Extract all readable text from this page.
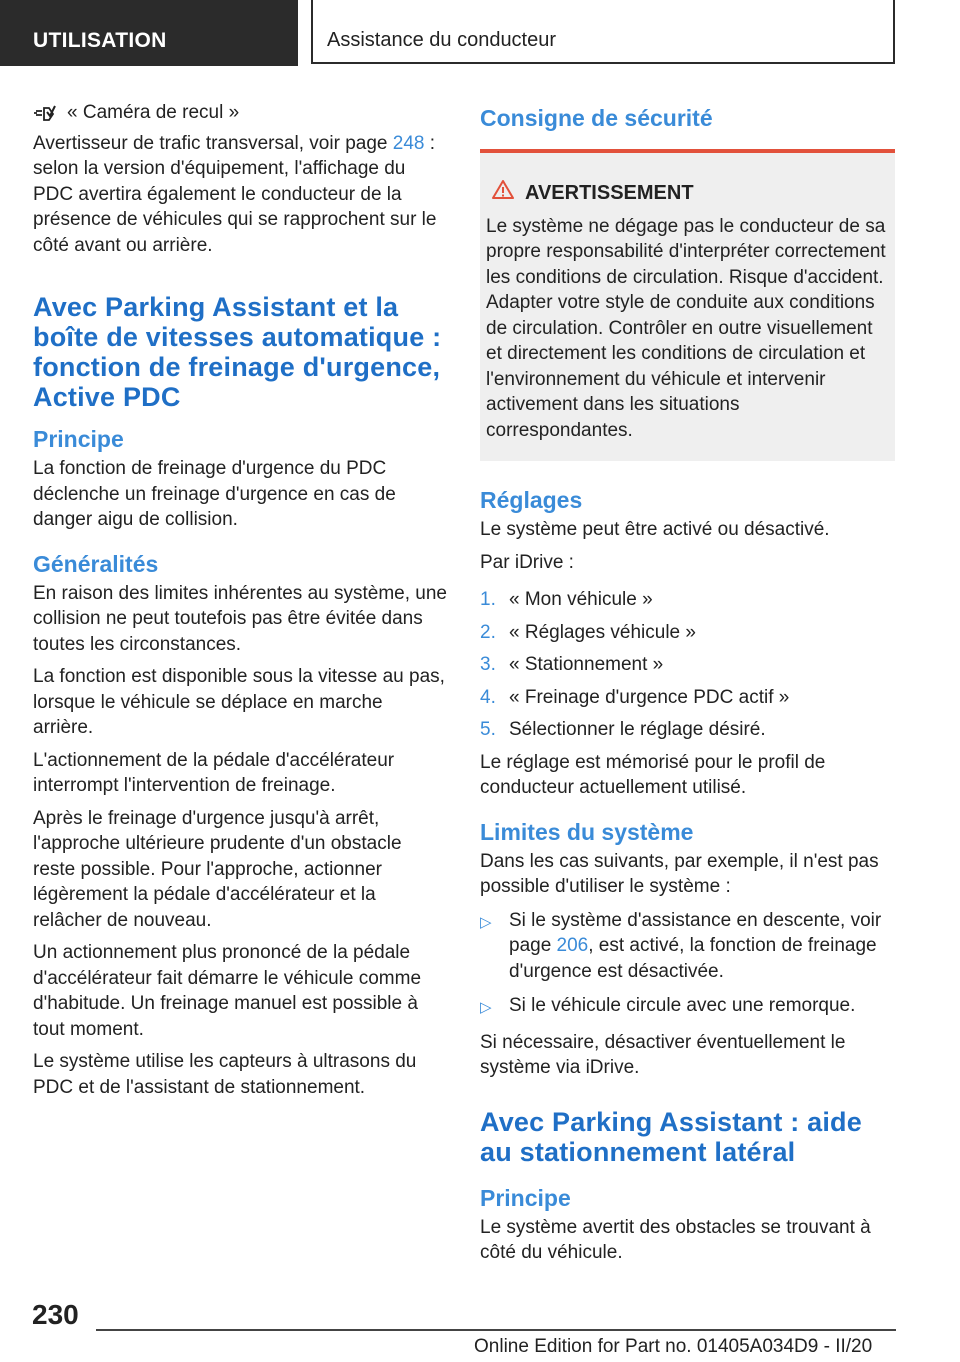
UTILISATION	Assistance du conducteur
« Caméra de recul »

Avertisseur de trafic transversal, voir page 248 : selon la version d'équipement, l'affichage du PDC avertira également le conducteur de la présence de véhicules qui se rapprochent sur le côté avant ou arrière.

Avec Parking Assistant et la boîte de vitesses automatique : fonction de freinage d'urgence, Active PDC
Principe

La fonction de freinage d'urgence du PDC déclenche un freinage d'urgence en cas de danger aigu de collision.

Généralités

En raison des limites inhérentes au système, une collision ne peut toutefois pas être évitée dans toutes les circonstances.

La fonction est disponible sous la vitesse au pas, lorsque le véhicule se déplace en marche arrière.

L'actionnement de la pédale d'accélérateur interrompt l'intervention de freinage.

Après le freinage d'urgence jusqu'à arrêt, l'approche ultérieure prudente d'un obstacle reste possible. Pour l'approche, actionner légèrement la pédale d'accélérateur et la relâcher de nouveau.

Un actionnement plus prononcé de la pédale d'accélérateur fait démarre le véhicule comme d'habitude. Un freinage manuel est possible à tout moment.

Le système utilise les capteurs à ultrasons du PDC et de l'assistant de stationnement.

Consigne de sécurité
AVERTISSEMENT

Le système ne dégage pas le conducteur de sa propre responsabilité d'interpréter correctement les conditions de circulation. Risque d'accident. Adapter votre style de conduite aux conditions de circulation. Contrôler en outre visuellement et directement les conditions de circulation et l'environnement du véhicule et intervenir activement dans les situations correspondantes.

Réglages

Le système peut être activé ou désactivé.

Par iDrive :

1. « Mon véhicule »
2. « Réglages véhicule »
3. « Stationnement »
4. « Freinage d'urgence PDC actif »
5. Sélectionner le réglage désiré.

Le réglage est mémorisé pour le profil de conducteur actuellement utilisé.

Limites du système

Dans les cas suivants, par exemple, il n'est pas possible d'utiliser le système :

▷ Si le système d'assistance en descente, voir page 206, est activé, la fonction de freinage d'urgence est désactivée.
▷ Si le véhicule circule avec une remorque.

Si nécessaire, désactiver éventuellement le système via iDrive.

Avec Parking Assistant : aide au stationnement latéral
Principe

Le système avertit des obstacles se trouvant à côté du véhicule.

230
Online Edition for Part no. 01405A034D9 - II/20
